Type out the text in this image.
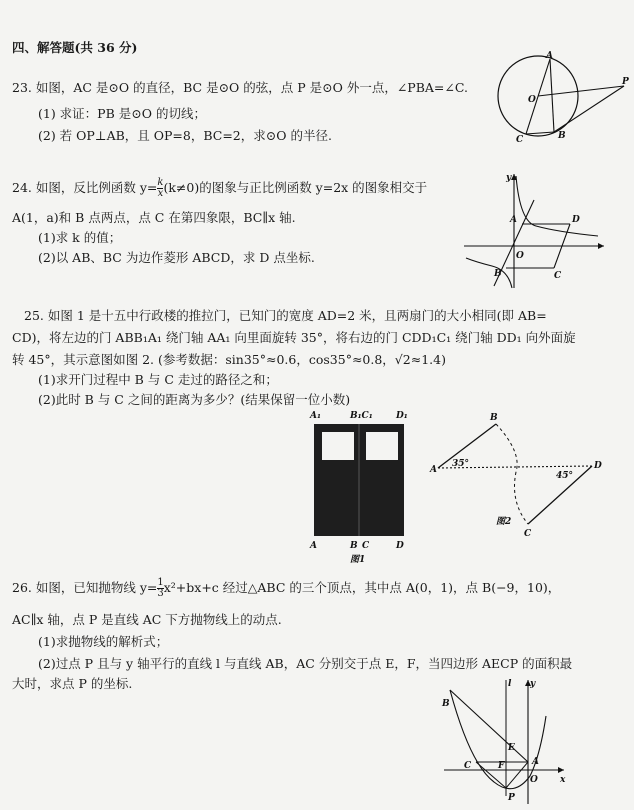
四、解答题(共 36 分)
23. 如图，AC 是⊙O 的直径，BC 是⊙O 的弦，点 P 是⊙O 外一点，∠PBA=∠C.
(1) 求证：PB 是⊙O 的切线；
(2) 若 OP⊥AB，且 OP=8，BC=2，求⊙O 的半径.
A
O
P
B
C
24. 如图，反比例函数 $y= \frac{k}{x} (k\ne 0)$的图象与正比例函数 y=2x 的图象相交于
A(1，a)和 B 点两点，点 C 在第四象限，BC∥x 轴.
(1)求 k 的值；
(2)以 AB、BC 为边作菱形 ABCD，求 D 点坐标.
y
A
O
B	C
D
25. 如图 1 是十五中行政楼的推拉门，已知门的宽度 AD=2 米，且两扇门的大小相同(即 AB=
CD)，将左边的门 ABB₁A₁ 绕门轴 AA₁ 向里面旋转 35°，将右边的门 CDD₁C₁ 绕门轴 DD₁ 向外面旋
转 45°，其示意图如图 2. (参考数据：sin35°≈0.6，cos35°≈0.8，√2≈1.4)
(1)求开门过程中 B 与 C 走过的路径之和；
(2)此时 B 与 C 之间的距离为多少？(结果保留一位小数)
A₁	B₁C₁	D₁
A	B C	D
图1
A
B
D
C
35°
45°
图2
26. 如图，已知抛物线 $y= \frac{1}{3} x^2+bx+c$ 经过△ABC 的三个顶点，其中点 A(0，1)，点 B(−9，10)，
AC∥x 轴，点 P 是直线 AC 下方抛物线上的动点.
(1)求抛物线的解析式；
(2)过点 P 且与 y 轴平行的直线 l 与直线 AB，AC 分别交于点 E，F，当四边形 AECP 的面积最
大时，求点 P 的坐标.	l y
B
E
C	F	A
O
P
x
